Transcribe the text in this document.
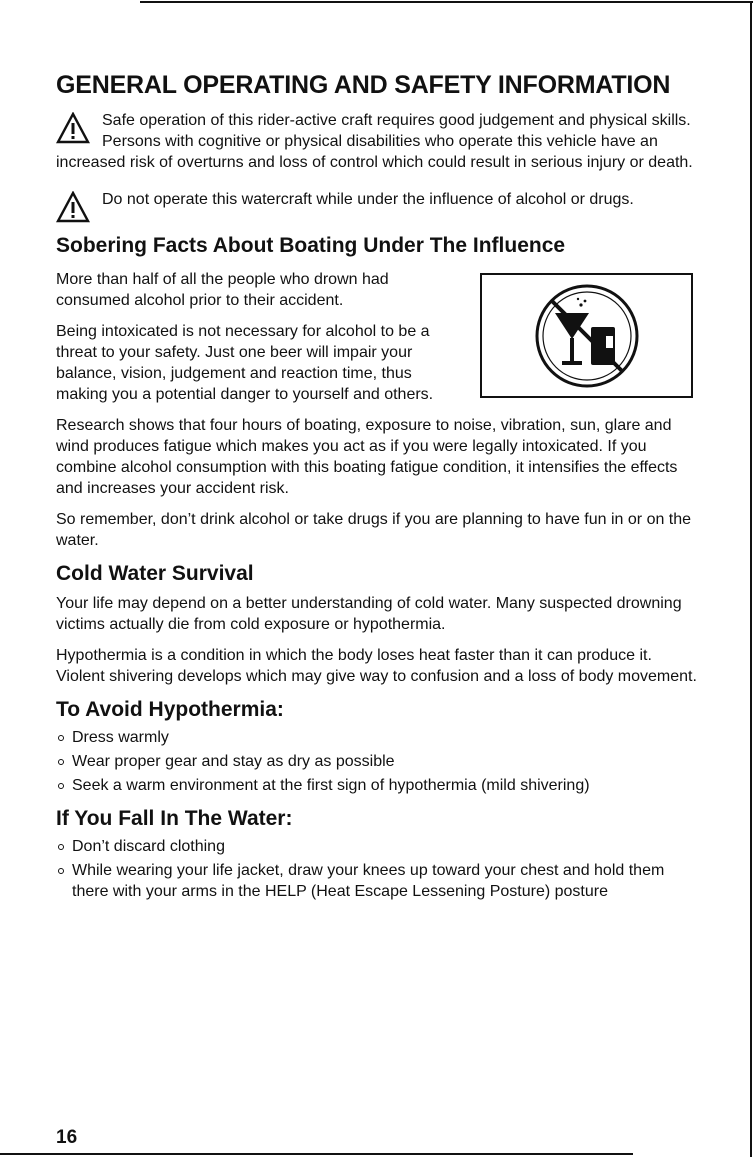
GENERAL OPERATING AND SAFETY INFORMATION
Safe operation of this rider-active craft requires good judgement and physical skills. Persons with cognitive or physical disabilities who operate this vehicle have an increased risk of overturns and loss of control which could result in serious injury or death.
Do not operate this watercraft while under the influence of alcohol or drugs.
Sobering Facts About Boating Under The Influence

More than half of all the people who drown had consumed alcohol prior to their accident.

Being intoxicated is not necessary for alcohol to be a threat to your safety. Just one beer will impair your balance, vision, judgement and reaction time, thus making you a potential danger to yourself and others.

Research shows that four hours of boating, exposure to noise, vibration, sun, glare and wind produces fatigue which makes you act as if you were legally intoxicated. If you combine alcohol consumption with this boating fatigue condition, it intensifies the effects and increases your accident risk.

So remember, don’t drink alcohol or take drugs if you are planning to have fun in or on the water.

Cold Water Survival

Your life may depend on a better understanding of cold water. Many suspected drowning victims actually die from cold exposure or hypothermia.

Hypothermia is a condition in which the body loses heat faster than it can produce it. Violent shivering develops which may give way to confusion and a loss of body movement.

To Avoid Hypothermia:
Dress warmly
Wear proper gear and stay as dry as possible
Seek a warm environment at the first sign of hypothermia (mild shivering)
If You Fall In The Water:
Don’t discard clothing
While wearing your life jacket, draw your knees up toward your chest and hold them there with your arms in the HELP (Heat Escape Lessening Posture) posture
16
